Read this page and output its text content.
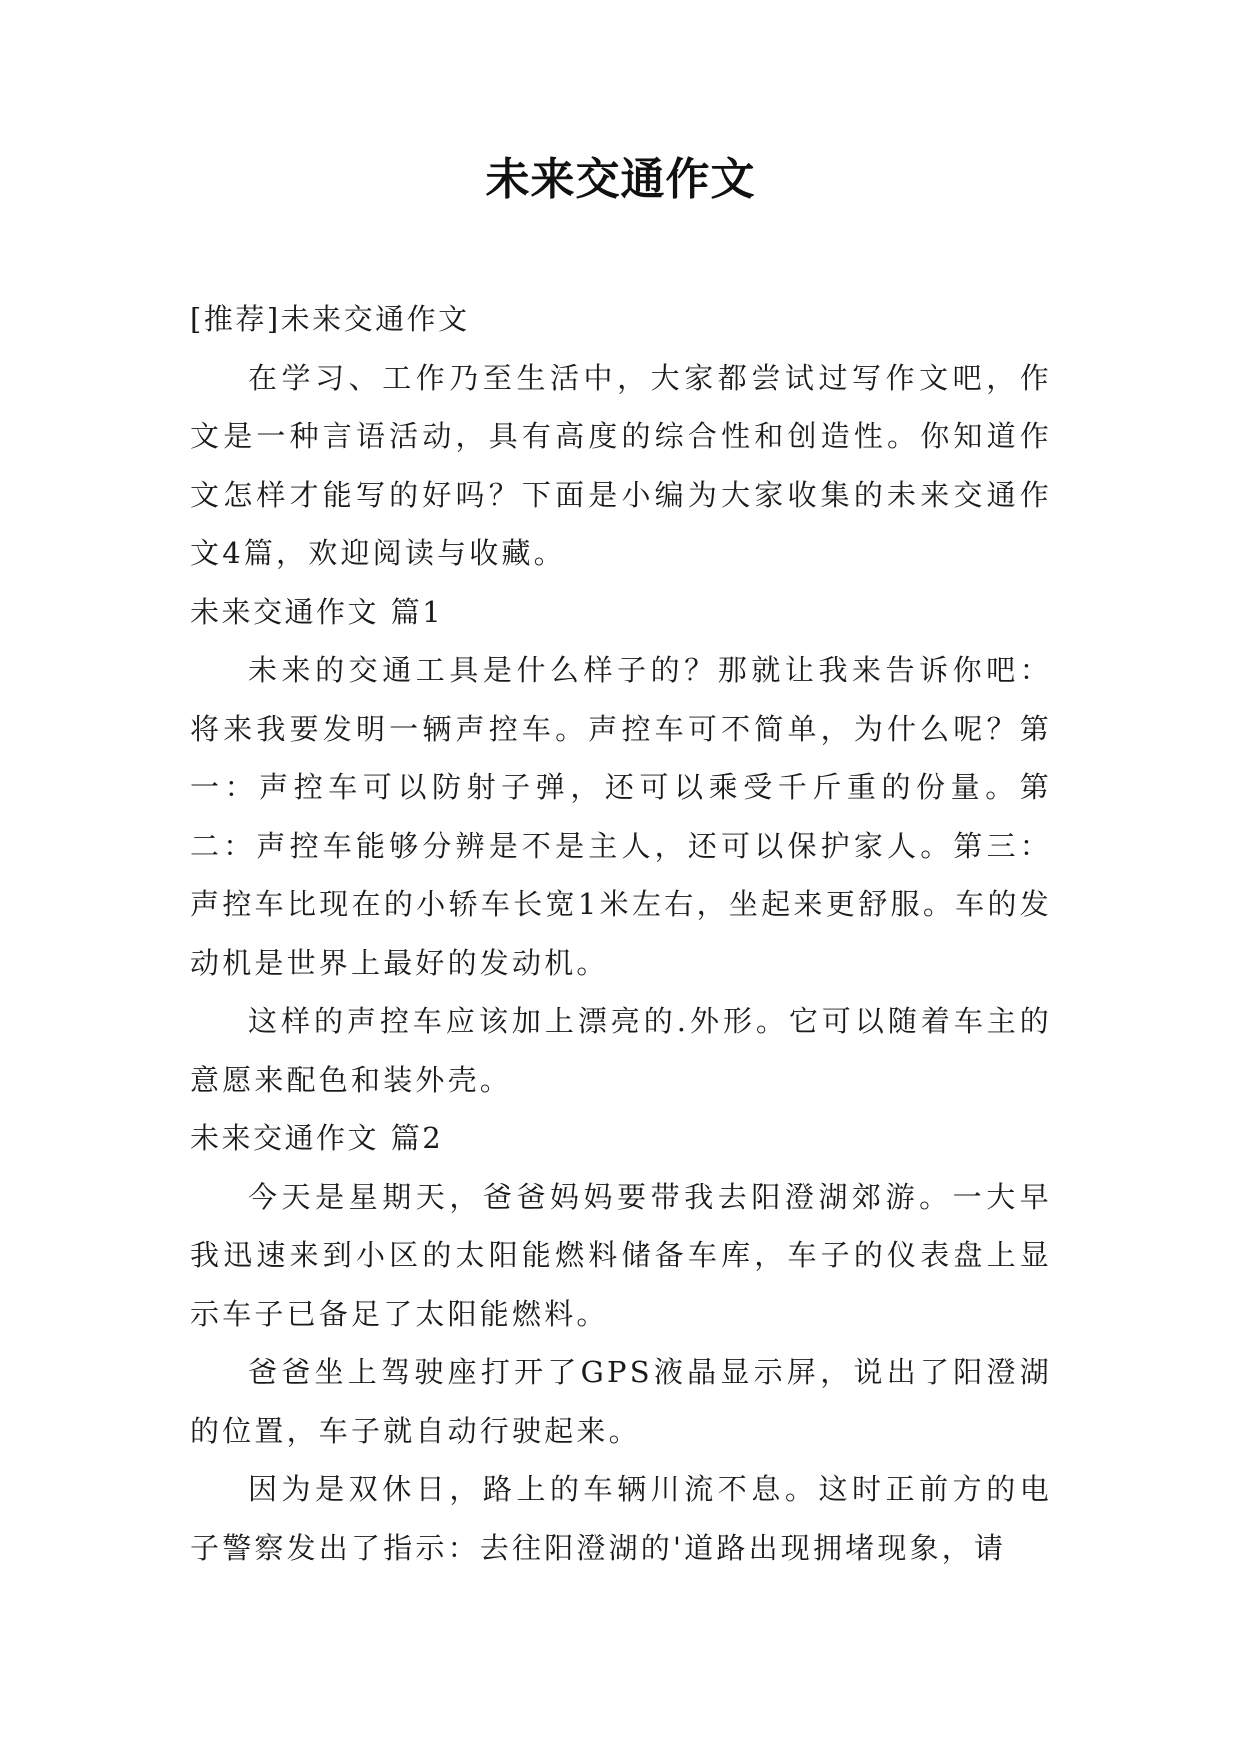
未来交通作文

[推荐]未来交通作文

在学习、工作乃至生活中，大家都尝试过写作文吧，作文是一种言语活动，具有高度的综合性和创造性。你知道作文怎样才能写的好吗？下面是小编为大家收集的未来交通作文4篇，欢迎阅读与收藏。

未来交通作文 篇1

未来的交通工具是什么样子的？那就让我来告诉你吧：将来我要发明一辆声控车。声控车可不简单，为什么呢？第一：声控车可以防射子弹，还可以乘受千斤重的份量。第二：声控车能够分辨是不是主人，还可以保护家人。第三：声控车比现在的小轿车长宽1米左右，坐起来更舒服。车的发动机是世界上最好的发动机。

这样的声控车应该加上漂亮的.外形。它可以随着车主的意愿来配色和装外壳。

未来交通作文 篇2

今天是星期天，爸爸妈妈要带我去阳澄湖郊游。一大早我迅速来到小区的太阳能燃料储备车库，车子的仪表盘上显示车子已备足了太阳能燃料。

爸爸坐上驾驶座打开了GPS液晶显示屏，说出了阳澄湖的位置，车子就自动行驶起来。

因为是双休日，路上的车辆川流不息。这时正前方的电子警察发出了指示：去往阳澄湖的'道路出现拥堵现象，请
